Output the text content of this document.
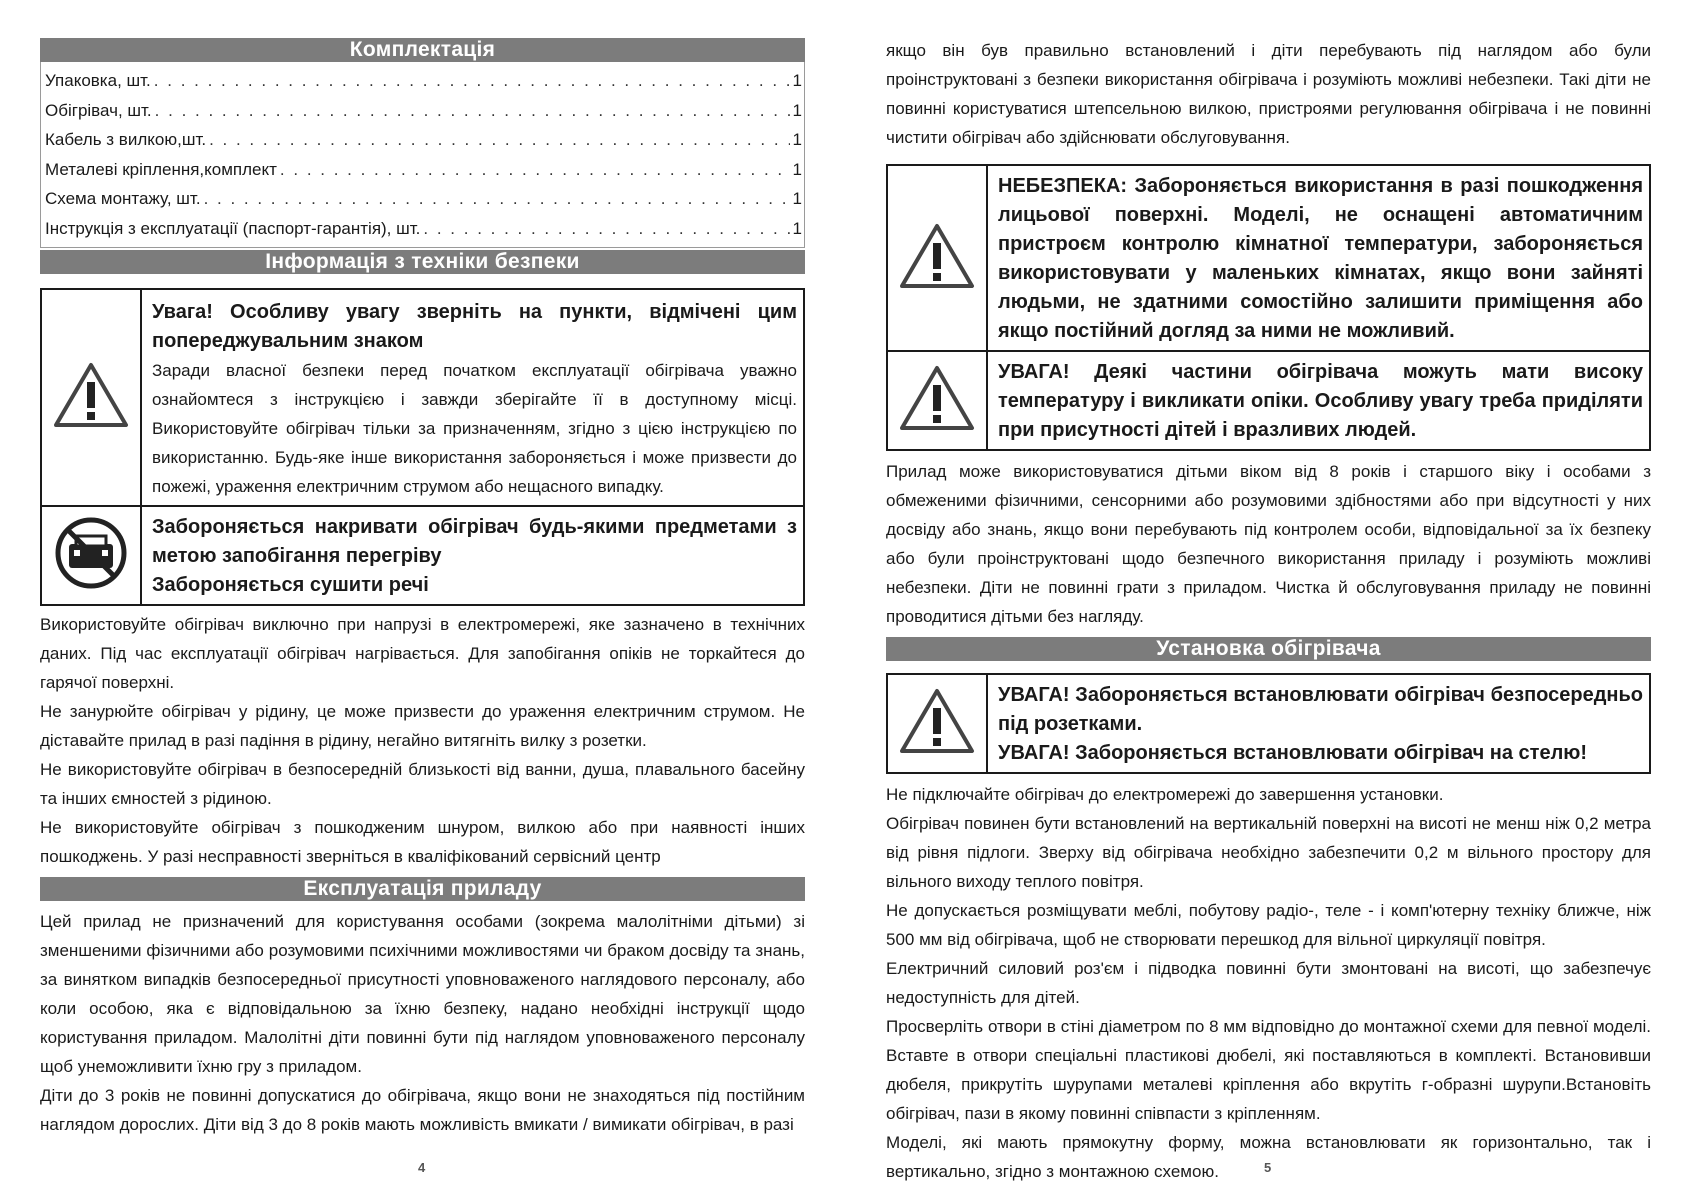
Комплектація
Упаковка, шт. . . .	1
Обігрівач, шт. . . .	1
Кабель з вилкою,шт. . . .	1
Металеві кріплення,комплект . . .	1
Схема монтажу, шт. . . .	1
Інструкція з експлуатації (паспорт-гарантія), шт. . . .	1
Інформація з техніки безпеки

Увага! Особливу увагу зверніть на пункти, відмічені цим попереджувальним знаком
Заради власної безпеки перед початком експлуатації обігрівача уважно ознайомтеся з інструкцією і завжди зберігайте її в доступному місці. Використовуйте обігрівач тільки за призначенням, згідно з цією інструкцією по використанню. Будь-яке інше використання забороняється і може призвести до пожежі, ураження електричним струмом або нещасного випадку.

Забороняється накривати обігрівач будь-якими предметами з метою запобігання перегріву
Забороняється сушити речі

Використовуйте обігрівач виключно при напрузі в електромережі, яке зазначено в технічних даних. Під час експлуатації обігрівач нагрівається. Для запобігання опіків не торкайтеся до гарячої поверхні.

Не занурюйте обігрівач у рідину, це може призвести до ураження електричним струмом. Не діставайте прилад в разі падіння в рідину, негайно витягніть вилку з розетки.

Не використовуйте обігрівач в безпосередній близькості від ванни, душа, плавального басейну та інших ємностей з рідиною.

Не використовуйте обігрівач з пошкодженим шнуром, вилкою або при наявності інших пошкоджень. У разі несправності зверніться в кваліфікований сервісний центр

Експлуатація приладу

Цей прилад не призначений для користування особами (зокрема малолітніми дітьми) зі зменшеними фізичними або розумовими психічними можливостями чи браком досвіду та знань, за винятком випадків безпосередньої присутності уповноваженого наглядового персоналу, або коли особою, яка є відповідальною за їхню безпеку, надано необхідні інструкції щодо користування приладом. Малолітні діти повинні бути під наглядом уповноваженого персоналу щоб унеможливити їхню гру з приладом.

Діти до 3 років не повинні допускатися до обігрівача, якщо вони не знаходяться під постійним наглядом дорослих. Діти від 3 до 8 років мають можливість вмикати / вимикати обігрівач, в разі

4

якщо він був правильно встановлений і діти перебувають під наглядом або були проінструктовані з безпеки використання обігрівача і розуміють можливі небезпеки. Такі діти не повинні користуватися штепсельною вилкою, пристроями регулювання обігрівача і не повинні чистити обігрівач або здійснювати обслуговування.

НЕБЕЗПЕКА: Забороняється використання в разі пошкодження лицьової поверхні. Моделі, не оснащені автоматичним пристроєм контролю кімнатної температури, забороняється використовувати у маленьких кімнатах, якщо вони зайняті людьми, не здатними сомостійно залишити приміщення або якщо постійний догляд за ними не можливий.

УВАГА! Деякі частини обігрівача можуть мати високу температуру і викликати опіки. Особливу увагу треба приділяти при присутності дітей і вразливих людей.

Прилад може використовуватися дітьми віком від 8 років і старшого віку і особами з обмеженими фізичними, сенсорними або розумовими здібностями або при відсутності у них досвіду або знань, якщо вони перебувають під контролем особи, відповідальної за їх безпеку або були проінструктовані щодо безпечного використання приладу і розуміють можливі небезпеки. Діти не повинні грати з приладом. Чистка й обслуговування приладу не повинні проводитися дітьми без нагляду.

Установка обігрівача

УВАГА! Забороняється встановлювати обігрівач безпосередньо під розетками.
УВАГА! Забороняється встановлювати обігрівач на стелю!

Не підключайте обігрівач до електромережі до завершення установки.

Обігрівач повинен бути встановлений на вертикальній поверхні на висоті не менш ніж 0,2 метра від рівня підлоги. Зверху від обігрівача необхідно забезпечити 0,2 м вільного простору для вільного виходу теплого повітря.

Не допускається розміщувати меблі, побутову радіо-, теле - і комп'ютерну техніку ближче, ніж 500 мм від обігрівача, щоб не створювати перешкод для вільної циркуляції повітря.

Електричний силовий роз'єм і підводка повинні бути змонтовані на висоті, що забезпечує недоступність для дітей.

Просверліть отвори в стіні діаметром по 8 мм відповідно до монтажної схеми для певної моделі. Вставте в отвори спеціальні пластикові дюбелі, які поставляються в комплекті. Встановивши дюбеля, прикрутіть шурупами металеві кріплення або вкрутіть г-образні шурупи.Встановіть обігрівач, пази в якому повинні співпасти з кріпленням.

Моделі, які мають прямокутну форму, можна встановлювати як горизонтально, так і вертикально, згідно з монтажною схемою.	5
